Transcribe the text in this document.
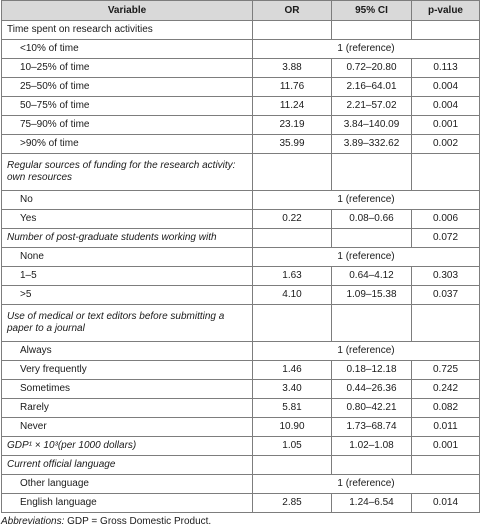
Variable	OR	95% CI	p-value
Time spent on research activities			
<10% of time	1 (reference)		
10–25% of time	3.88	0.72–20.80	0.113
25–50% of time	11.76	2.16–64.01	0.004
50–75% of time	11.24	2.21–57.02	0.004
75–90% of time	23.19	3.84–140.09	0.001
>90% of time	35.99	3.89–332.62	0.002
Regular sources of funding for the research activity: own resources			
No	1 (reference)		
Yes	0.22	0.08–0.66	0.006
Number of post-graduate students working with			0.072
None	1 (reference)		
1–5	1.63	0.64–4.12	0.303
>5	4.10	1.09–15.38	0.037
Use of medical or text editors before submitting a paper to a journal			
Always	1 (reference)		
Very frequently	1.46	0.18–12.18	0.725
Sometimes	3.40	0.44–26.36	0.242
Rarely	5.81	0.80–42.21	0.082
Never	10.90	1.73–68.74	0.011
GDP¹ × 10³(per 1000 dollars)	1.05	1.02–1.08	0.001
Current official language			
Other language	1 (reference)		
English language	2.85	1.24–6.54	0.014
Abbreviations: GDP = Gross Domestic Product.
